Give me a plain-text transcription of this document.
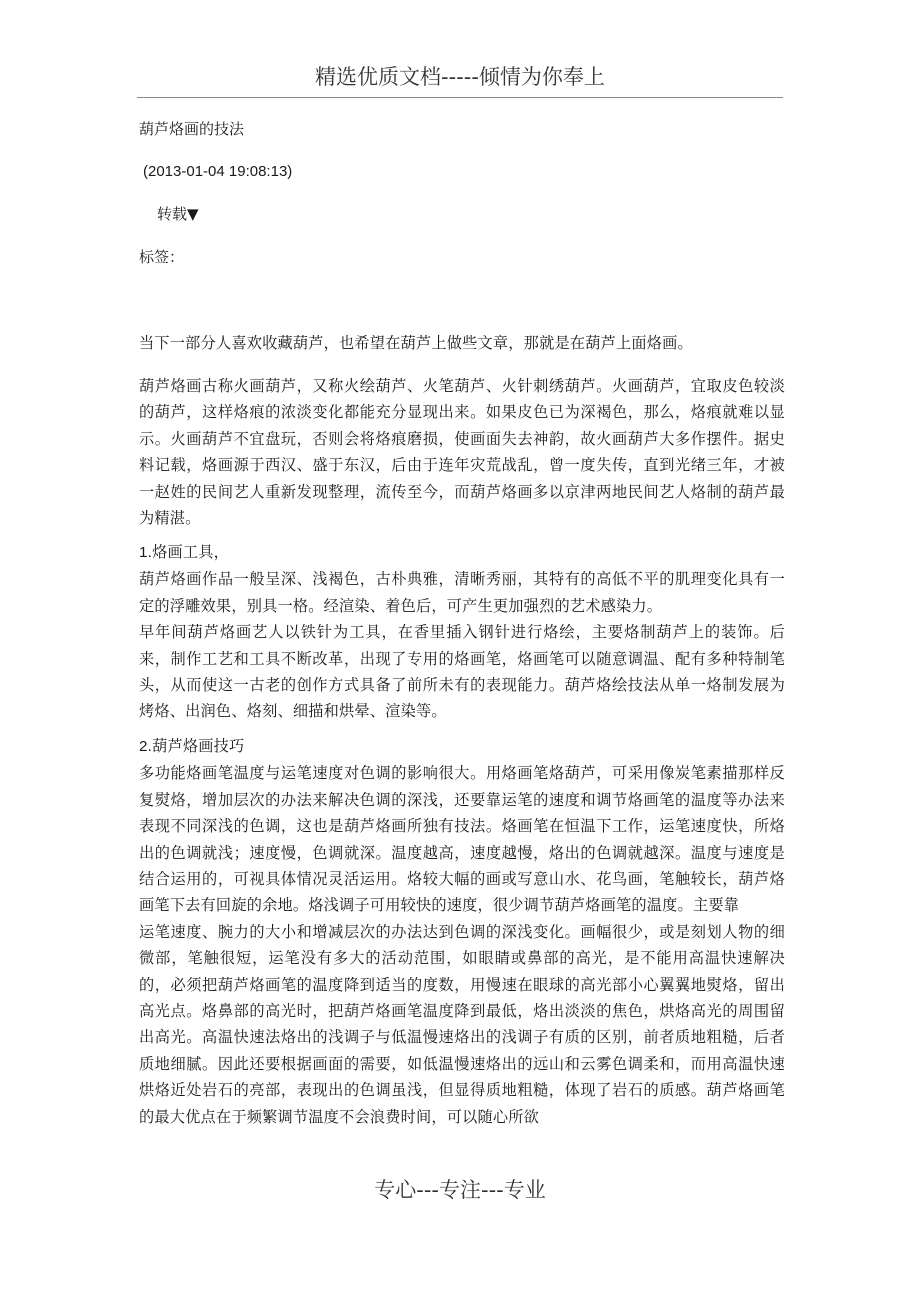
精选优质文档-----倾情为你奉上
葫芦烙画的技法
(2013-01-04 19:08:13)
转载▼
标签：

当下一部分人喜欢收藏葫芦，也希望在葫芦上做些文章，那就是在葫芦上面烙画。

葫芦烙画古称火画葫芦，又称火绘葫芦、火笔葫芦、火针刺绣葫芦。火画葫芦，宜取皮色较淡的葫芦，这样烙痕的浓淡变化都能充分显现出来。如果皮色已为深褐色，那么，烙痕就难以显示。火画葫芦不宜盘玩，否则会将烙痕磨损，使画面失去神韵，故火画葫芦大多作摆件。据史料记载，烙画源于西汉、盛于东汉，后由于连年灾荒战乱，曾一度失传，直到光绪三年，才被一赵姓的民间艺人重新发现整理，流传至今，而葫芦烙画多以京津两地民间艺人烙制的葫芦最为精湛。

1.烙画工具，

葫芦烙画作品一般呈深、浅褐色，古朴典雅，清晰秀丽，其特有的高低不平的肌理变化具有一定的浮雕效果，别具一格。经渲染、着色后，可产生更加强烈的艺术感染力。

早年间葫芦烙画艺人以铁针为工具，在香里插入钢针进行烙绘，主要烙制葫芦上的装饰。后来，制作工艺和工具不断改革，出现了专用的烙画笔，烙画笔可以随意调温、配有多种特制笔头，从而使这一古老的创作方式具备了前所未有的表现能力。葫芦烙绘技法从单一烙制发展为烤烙、出润色、烙刻、细描和烘晕、渲染等。

2.葫芦烙画技巧

多功能烙画笔温度与运笔速度对色调的影响很大。用烙画笔烙葫芦，可采用像炭笔素描那样反复熨烙，增加层次的办法来解决色调的深浅，还要靠运笔的速度和调节烙画笔的温度等办法来表现不同深浅的色调，这也是葫芦烙画所独有技法。烙画笔在恒温下工作，运笔速度快，所烙出的色调就浅；速度慢，色调就深。温度越高，速度越慢，烙出的色调就越深。温度与速度是结合运用的，可视具体情况灵活运用。烙较大幅的画或写意山水、花鸟画，笔触较长，葫芦烙画笔下去有回旋的余地。烙浅调子可用较快的速度，很少调节葫芦烙画笔的温度。主要靠

运笔速度、腕力的大小和增减层次的办法达到色调的深浅变化。画幅很少，或是刻划人物的细微部，笔触很短，运笔没有多大的活动范围，如眼睛或鼻部的高光，是不能用高温快速解决的，必须把葫芦烙画笔的温度降到适当的度数，用慢速在眼球的高光部小心翼翼地熨烙，留出高光点。烙鼻部的高光时，把葫芦烙画笔温度降到最低，烙出淡淡的焦色，烘烙高光的周围留出高光。高温快速法烙出的浅调子与低温慢速烙出的浅调子有质的区别，前者质地粗糙，后者质地细腻。因此还要根据画面的需要，如低温慢速烙出的远山和云雾色调柔和，而用高温快速烘烙近处岩石的亮部，表现出的色调虽浅，但显得质地粗糙，体现了岩石的质感。葫芦烙画笔的最大优点在于频繁调节温度不会浪费时间，可以随心所欲

专心---专注---专业
